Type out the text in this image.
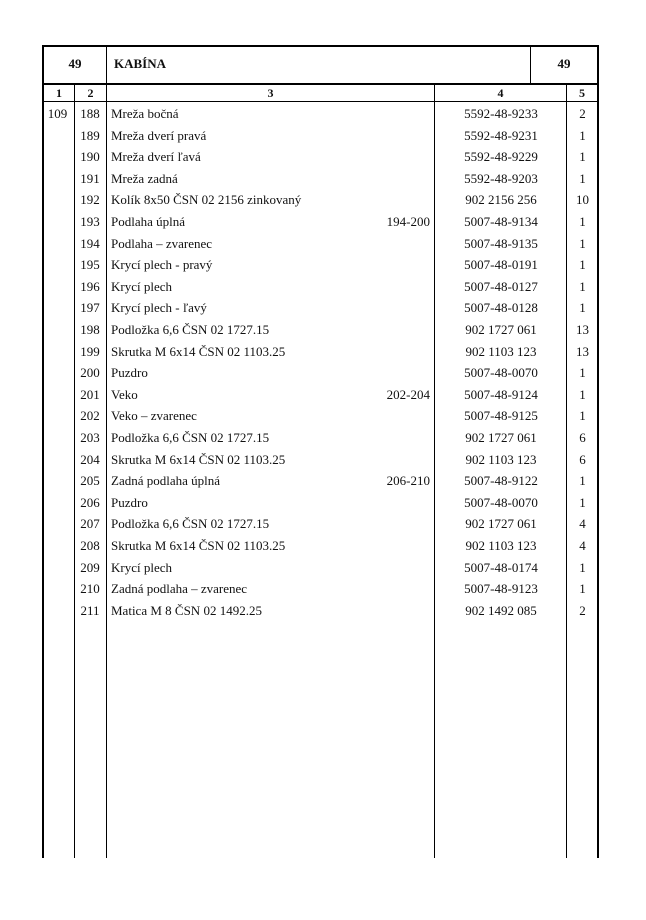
49	KABÍNA	49
1	2	3	4	5
109	188 Mreža bočná	5592-48-9233	2
189 Mreža dverí pravá	5592-48-9231	1
190 Mreža dverí ľavá	5592-48-9229	1
191 Mreža zadná	5592-48-9203	1
192 Kolík 8x50 ČSN 02 2156 zinkovaný	902 2156 256	10
193 Podlaha úplná	194-200	5007-48-9134	1
194 Podlaha – zvarenec	5007-48-9135	1
195 Krycí plech - pravý	5007-48-0191	1
196 Krycí plech	5007-48-0127	1
197 Krycí plech - ľavý	5007-48-0128	1
198 Podložka 6,6 ČSN 02 1727.15	902 1727 061	13
199 Skrutka M 6x14 ČSN 02 1103.25	902 1103 123	13
200 Puzdro	5007-48-0070	1
201 Veko	202-204	5007-48-9124	1
202 Veko – zvarenec	5007-48-9125	1
203 Podložka 6,6 ČSN 02 1727.15	902 1727 061	6
204 Skrutka M 6x14 ČSN 02 1103.25	902 1103 123	6
205 Zadná podlaha úplná	206-210	5007-48-9122	1
206 Puzdro	5007-48-0070	1
207 Podložka 6,6 ČSN 02 1727.15	902 1727 061	4
208 Skrutka M 6x14 ČSN 02 1103.25	902 1103 123	4
209 Krycí plech	5007-48-0174	1
210 Zadná podlaha – zvarenec	5007-48-9123	1
211 Matica M 8 ČSN 02 1492.25	902 1492 085	2
